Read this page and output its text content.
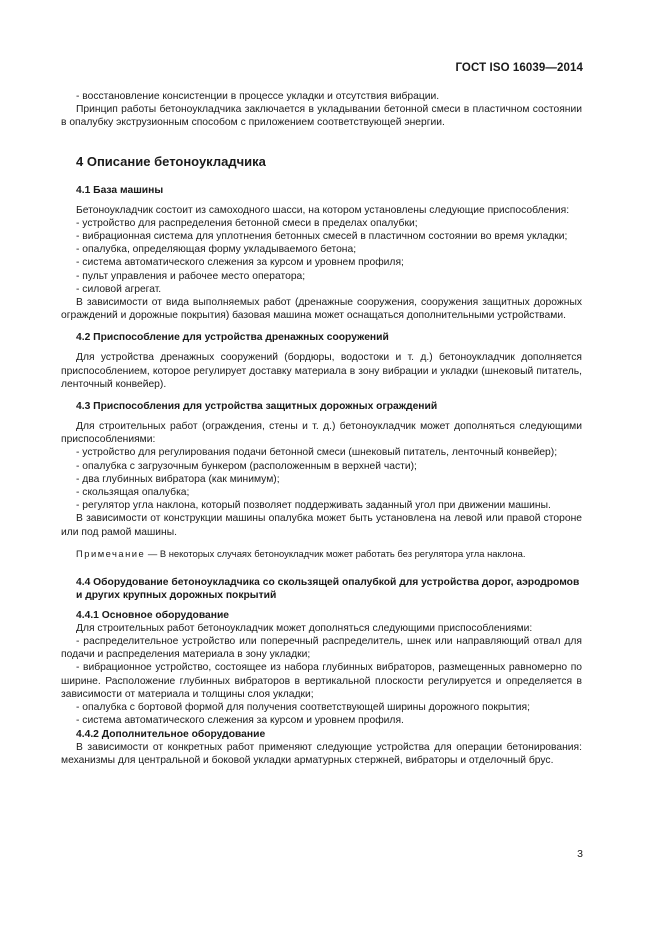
ГОСТ ISO 16039—2014

- восстановление консистенции в процессе укладки и отсутствия вибрации.

Принцип работы бетоноукладчика заключается в укладывании бетонной смеси в пластичном состоянии в опалубку экструзионным способом с приложением соответствующей энергии.

4 Описание бетоноукладчика
4.1 База машины

Бетоноукладчик состоит из самоходного шасси, на котором установлены следующие приспособления:

- устройство для распределения бетонной смеси в пределах опалубки;

- вибрационная система для уплотнения бетонных смесей в пластичном состоянии во время укладки;

- опалубка, определяющая форму укладываемого бетона;

- система автоматического слежения за курсом и уровнем профиля;

- пульт управления и рабочее место оператора;

- силовой агрегат.

В зависимости от вида выполняемых работ (дренажные сооружения, сооружения защитных дорожных ограждений и дорожные покрытия) базовая машина может оснащаться дополнительными устройствами.

4.2 Приспособление для устройства дренажных сооружений

Для устройства дренажных сооружений (бордюры, водостоки и т. д.) бетоноукладчик дополняется приспособлением, которое регулирует доставку материала в зону вибрации и укладки (шнековый питатель, ленточный конвейер).

4.3 Приспособления для устройства защитных дорожных ограждений

Для строительных работ (ограждения, стены и т. д.) бетоноукладчик может дополняться следующими приспособлениями:

- устройство для регулирования подачи бетонной смеси (шнековый питатель, ленточный конвейер);

- опалубка с загрузочным бункером (расположенным в верхней части);

- два глубинных вибратора (как минимум);

- скользящая опалубка;

- регулятор угла наклона, который позволяет поддерживать заданный угол при движении машины.

В зависимости от конструкции машины опалубка может быть установлена на левой или правой стороне или под рамой машины.

Примечание — В некоторых случаях бетоноукладчик может работать без регулятора угла наклона.

4.4 Оборудование бетоноукладчика со скользящей опалубкой для устройства дорог, аэродромов и других крупных дорожных покрытий
4.4.1 Основное оборудование

Для строительных работ бетоноукладчик может дополняться следующими приспособлениями:

- распределительное устройство или поперечный распределитель, шнек или направляющий отвал для подачи и распределения материала в зону укладки;

- вибрационное устройство, состоящее из набора глубинных вибраторов, размещенных равномерно по ширине. Расположение глубинных вибраторов в вертикальной плоскости регулируется и определяется в зависимости от материала и толщины слоя укладки;

- опалубка с бортовой формой для получения соответствующей ширины дорожного покрытия;

- система автоматического слежения за курсом и уровнем профиля.

4.4.2 Дополнительное оборудование

В зависимости от конкретных работ применяют следующие устройства для операции бетонирования: механизмы для центральной и боковой укладки арматурных стержней, вибраторы и отделочный брус.

3
